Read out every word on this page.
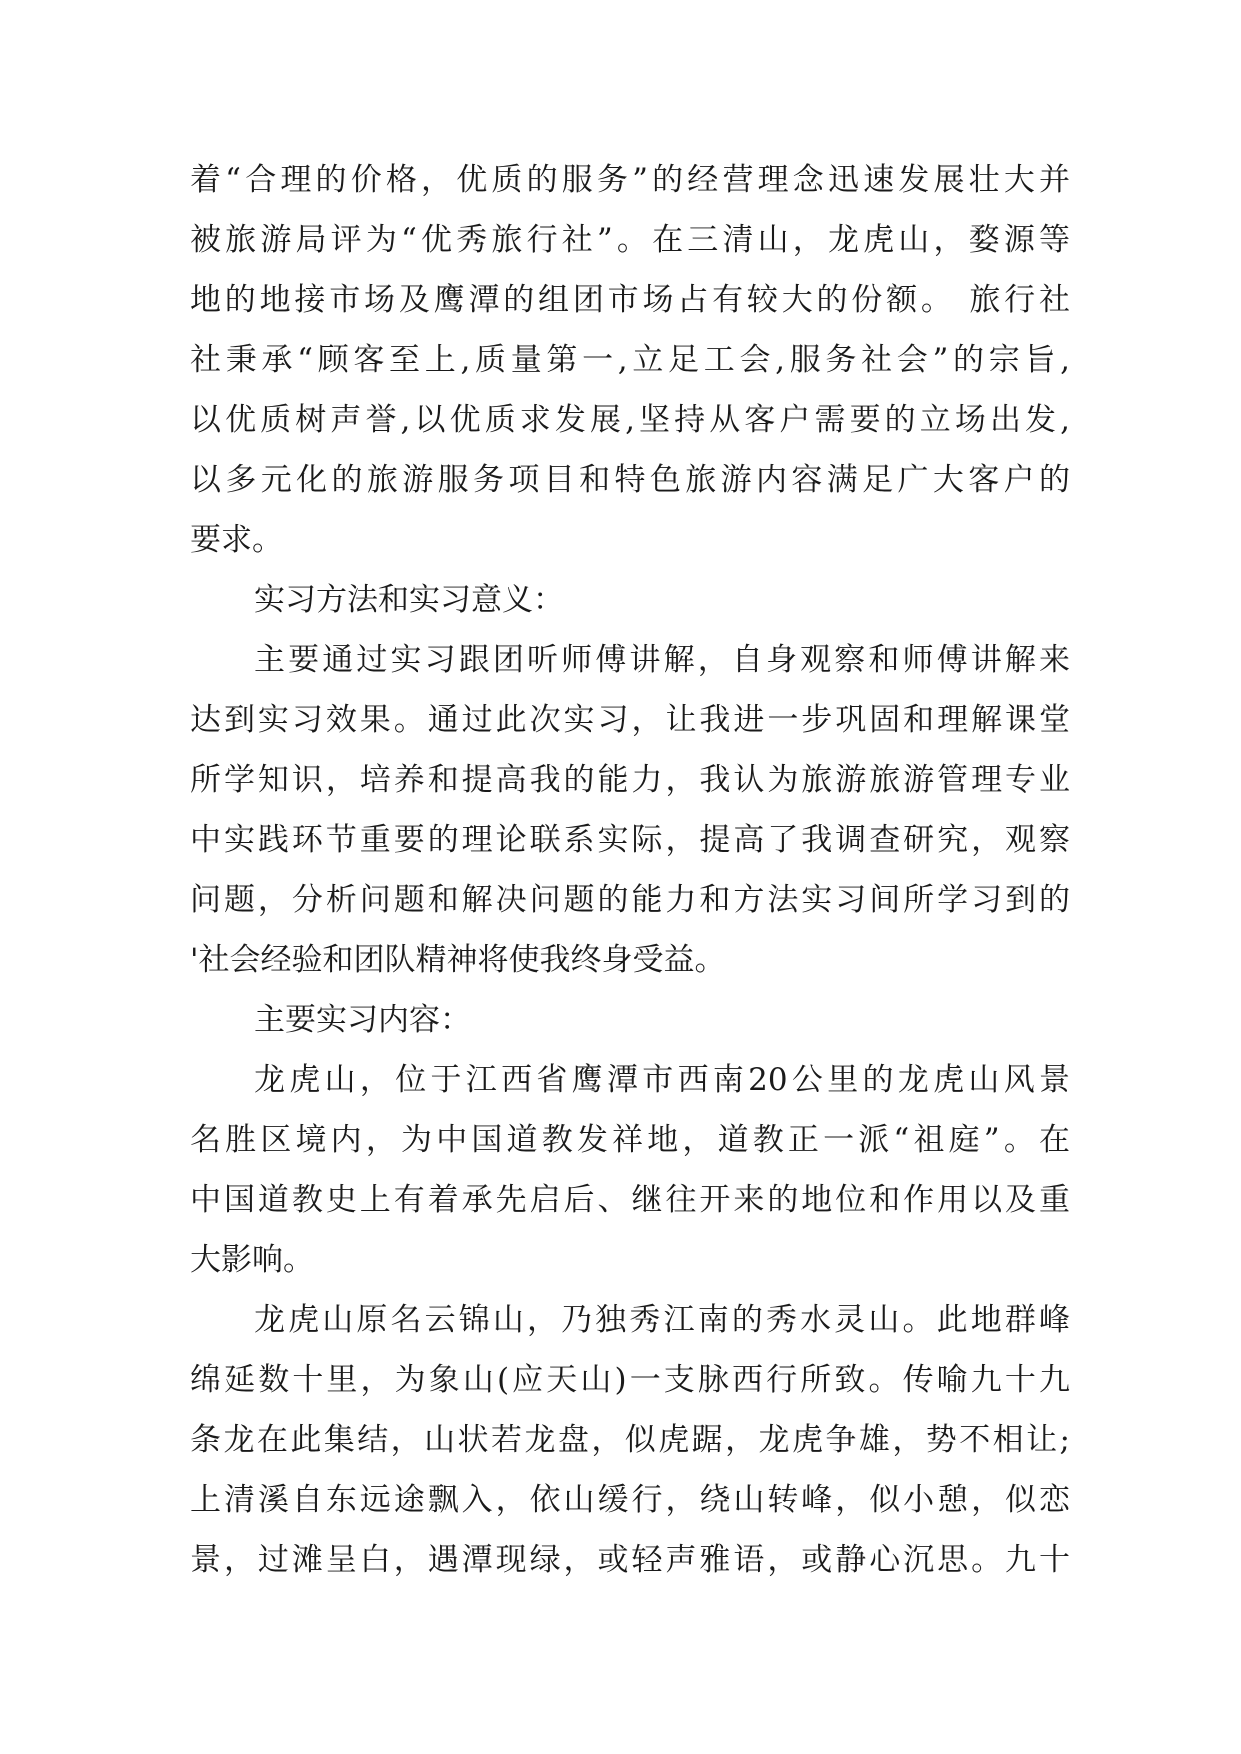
着“合理的价格，优质的服务”的经营理念迅速发展壮大并
被旅游局评为“优秀旅行社”。在三清山，龙虎山，婺源等
地的地接市场及鹰潭的组团市场占有较大的份额。 旅行社
社秉承“顾客至上,质量第一,立足工会,服务社会”的宗旨,
以优质树声誉,以优质求发展,坚持从客户需要的立场出发,
以多元化的旅游服务项目和特色旅游内容满足广大客户的
要求。
实习方法和实习意义：
主要通过实习跟团听师傅讲解，自身观察和师傅讲解来
达到实习效果。通过此次实习，让我进一步巩固和理解课堂
所学知识，培养和提高我的能力，我认为旅游旅游管理专业
中实践环节重要的理论联系实际，提高了我调查研究，观察
问题，分析问题和解决问题的能力和方法实习间所学习到的
'社会经验和团队精神将使我终身受益。
主要实习内容：
龙虎山，位于江西省鹰潭市西南20公里的龙虎山风景
名胜区境内，为中国道教发祥地，道教正一派“祖庭”。在
中国道教史上有着承先启后、继往开来的地位和作用以及重
大影响。
龙虎山原名云锦山，乃独秀江南的秀水灵山。此地群峰
绵延数十里，为象山(应天山)一支脉西行所致。传喻九十九
条龙在此集结，山状若龙盘，似虎踞，龙虎争雄，势不相让;
上清溪自东远途飘入，依山缓行，绕山转峰，似小憩，似恋
景，过滩呈白，遇潭现绿，或轻声雅语，或静心沉思。九十
